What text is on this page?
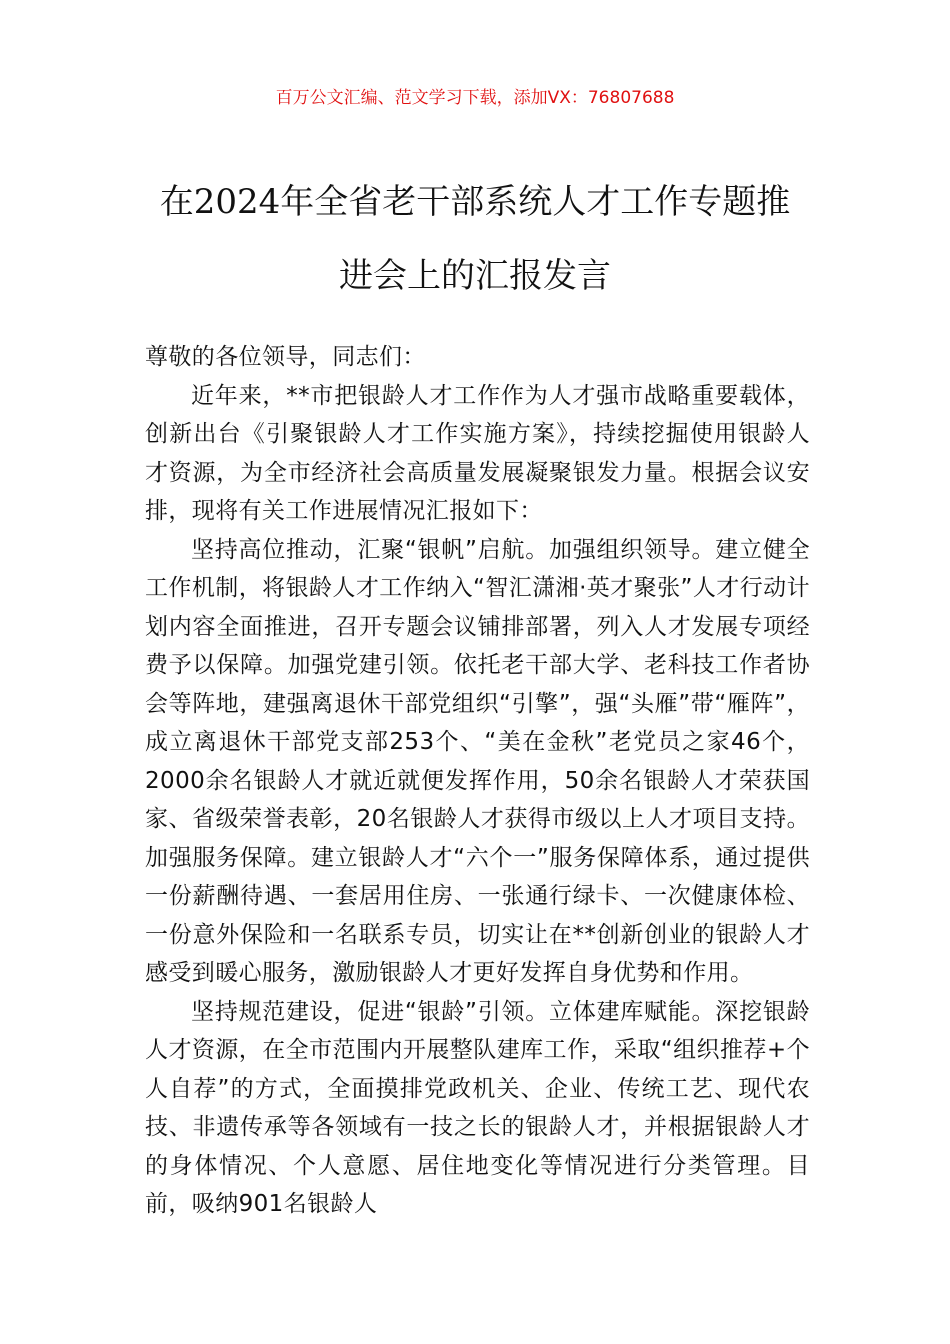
百万公文汇编、范文学习下载，添加VX：76807688
在2024年全省老干部系统人才工作专题推
进会上的汇报发言

尊敬的各位领导，同志们：

近年来，**市把银龄人才工作作为人才强市战略重要载体，创新出台《引聚银龄人才工作实施方案》，持续挖掘使用银龄人才资源，为全市经济社会高质量发展凝聚银发力量。根据会议安排，现将有关工作进展情况汇报如下：

坚持高位推动，汇聚“银帆”启航。加强组织领导。建立健全工作机制，将银龄人才工作纳入“智汇潇湘·英才聚张”人才行动计划内容全面推进，召开专题会议铺排部署，列入人才发展专项经费予以保障。加强党建引领。依托老干部大学、老科技工作者协会等阵地，建强离退休干部党组织“引擎”，强“头雁”带“雁阵”，成立离退休干部党支部253个、“美在金秋”老党员之家46个，2000余名银龄人才就近就便发挥作用，50余名银龄人才荣获国家、省级荣誉表彰，20名银龄人才获得市级以上人才项目支持。加强服务保障。建立银龄人才“六个一”服务保障体系，通过提供一份薪酬待遇、一套居用住房、一张通行绿卡、一次健康体检、一份意外保险和一名联系专员，切实让在**创新创业的银龄人才感受到暖心服务，激励银龄人才更好发挥自身优势和作用。

坚持规范建设，促进“银龄”引领。立体建库赋能。深挖银龄人才资源，在全市范围内开展整队建库工作，采取“组织推荐+个人自荐”的方式，全面摸排党政机关、企业、传统工艺、现代农技、非遗传承等各领域有一技之长的银龄人才，并根据银龄人才的身体情况、个人意愿、居住地变化等情况进行分类管理。目前，吸纳901名银龄人
